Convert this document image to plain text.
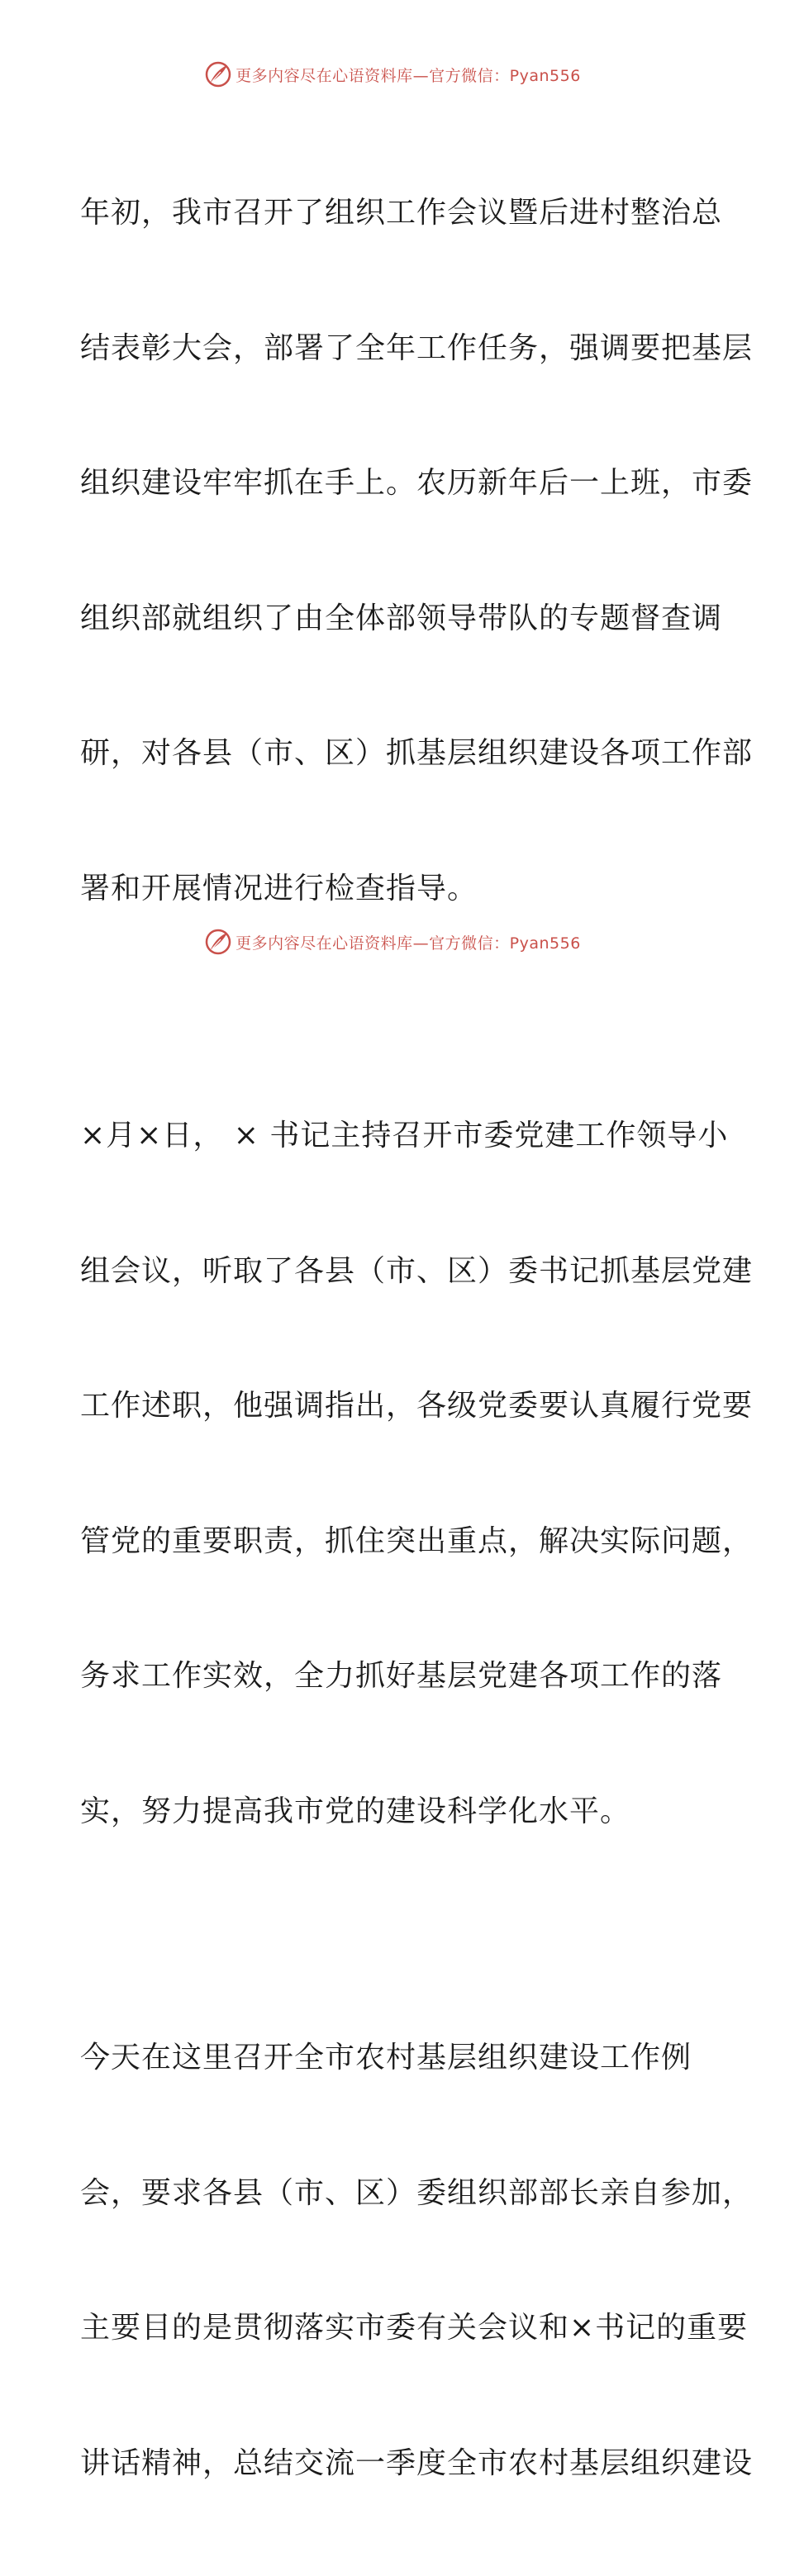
更多内容尽在心语资料库—官方微信：Pyan556

年初，我市召开了组织工作会议暨后进村整治总

结表彰大会，部署了全年工作任务，强调要把基层

组织建设牢牢抓在手上。农历新年后一上班，市委

组织部就组织了由全体部领导带队的专题督查调

研，对各县（市、区）抓基层组织建设各项工作部

署和开展情况进行检查指导。

×月×日， × 书记主持召开市委党建工作领导小

组会议，听取了各县（市、区）委书记抓基层党建

工作述职，他强调指出，各级党委要认真履行党要

管党的重要职责，抓住突出重点，解决实际问题，

务求工作实效，全力抓好基层党建各项工作的落

实，努力提高我市党的建设科学化水平。

今天在这里召开全市农村基层组织建设工作例

会，要求各县（市、区）委组织部部长亲自参加，

主要目的是贯彻落实市委有关会议和×书记的重要

讲话精神，总结交流一季度全市农村基层组织建设

更多内容尽在心语资料库—官方微信：Pyan556
